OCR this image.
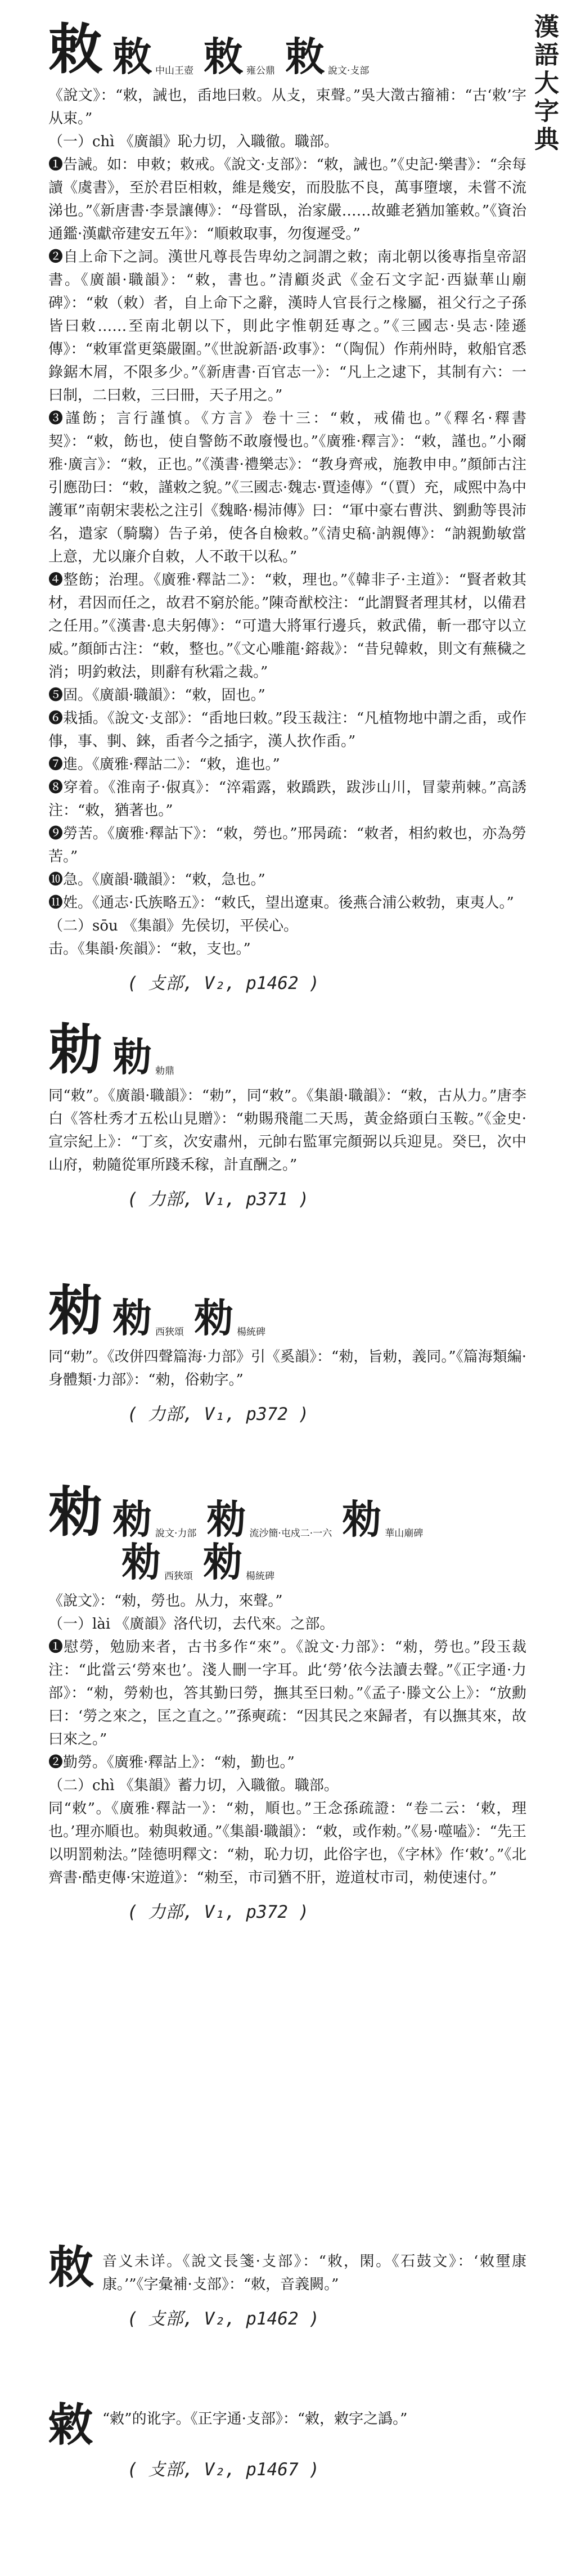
漢語大字典
敕 敕 中山王壺 敕 雍公鼎 敕 說文·攴部

《說文》：“敕，誡也，臿地曰敕。从攴，束聲。”吳大澂古籀補：“古‘敕’字从束。”

（一）chì 《廣韻》恥力切，入職徹。職部。

❶告誡。如：申敕；敕戒。《說文·攴部》：“敕，誡也。”《史記·樂書》：“余每讀《虞書》，至於君臣相敕，維是幾安，而股肱不良，萬事墮壞，未嘗不流涕也。”《新唐書·李景讓傳》：“母嘗臥，治家嚴……故雖老猶加箠敕。”《資治通鑑·漢獻帝建安五年》：“順敕取事，勿復遲受。”

❷自上命下之詞。漢世凡尊長告卑幼之詞謂之敕；南北朝以後專指皇帝詔書。《廣韻·職韻》：“敕，書也。”清顧炎武《金石文字記·西嶽華山廟碑》：“敕（敕）者，自上命下之辭，漢時人官長行之椽屬，祖父行之子孫皆曰敕……至南北朝以下，則此字惟朝廷專之。”《三國志·吳志·陸遜傳》：“敕軍當更築嚴圍。”《世說新語·政事》：“（陶侃）作荊州時，敕船官悉錄鋸木屑，不限多少。”《新唐書·百官志一》：“凡上之逮下，其制有六：一曰制，二曰敕，三曰冊，天子用之。”

❸謹飭；言行謹慎。《方言》卷十三：“敕，戒備也。”《釋名·釋書契》：“敕，飭也，使自警飭不敢廢慢也。”《廣雅·釋言》：“敕，謹也。”小爾雅·廣言》：“敕，正也。”《漢書·禮樂志》：“教身齊戒，施教申申。”顏師古注引應劭曰：“敕，謹敕之貌。”《三國志·魏志·賈逵傳》“（賈）充，咸熙中為中護軍”南朝宋裴松之注引《魏略·楊沛傳》曰：“軍中豪右曹洪、劉勳等畏沛名，遣家（騎騶）告子弟，使各自檢敕。”《清史稿·訥親傳》：“訥親勤敏當上意，尤以廉介自敕，人不敢干以私。”

❹整飭；治理。《廣雅·釋詁二》：“敕，理也。”《韓非子·主道》：“賢者敕其材，君因而任之，故君不窮於能。”陳奇猷校注：“此謂賢者理其材，以備君之任用。”《漢書·息夫躬傳》：“可遣大將軍行邊兵，敕武備，斬一郡守以立威。”顏師古注：“敕，整也。”《文心雕龍·鎔裁》：“昔兒韓敕，則文有蕪穢之消；明釣敕法，則辭有秋霜之裁。”

❺固。《廣韻·職韻》：“敕，固也。”

❻栽插。《說文·攴部》：“臿地曰敕。”段玉裁注：“凡植物地中謂之臿，或作倳，事、剚、錸，臿者今之插字，漢人扻作臿。”

❼進。《廣雅·釋詁二》：“敕，進也。”

❽穿着。《淮南子·俶真》：“淬霜露，敕蹻跌，跋涉山川，冒蒙荊棘。”高誘注：“敕，猶著也。”

❾勞苦。《廣雅·釋詁下》：“敕，勞也。”邢昺疏：“敕者，相約敕也，亦為勞苦。”

❿急。《廣韻·職韻》：“敕，急也。”

⓫姓。《通志·氏族略五》：“敕氏，望出遼東。後燕合浦公敕勃，東夷人。”

（二）sōu 《集韻》先侯切，平侯心。

击。《集韻·矦韻》：“敕，支也。”

( 攴部, V₂, p1462 )
勅 勅 勅鼎

同“敕”。《廣韻·職韻》：“勅”，同“敕”。《集韻·職韻》：“敕，古从力。”唐李白《答杜秀才五松山見贈》：“勅賜飛龍二天馬，黃金絡頭白玉鞍。”《金史·宣宗紀上》：“丁亥，次安肅州，元帥右監軍完顏弼以兵迎見。癸巳，次中山府，勅隨從軍所踐禾稼，計直酬之。”

( 力部, V₁, p371 )
勑 勑 西狹頌 勑 楊統碑

同“勅”。《改併四聲篇海·力部》引《奚韻》：“勑，旨勅，義同。”《篇海類編·身體類·力部》：“勑，俗勅字。”

( 力部, V₁, p372 )
勑 勑 說文·力部 勑 流沙簡·屯戍二·一六 勑 華山廟碑
勑 西狹頌 勑 楊統碑

《說文》：“勑，勞也。从力，來聲。”

（一）lài 《廣韻》洛代切，去代來。之部。

❶慰勞，勉励来者，古书多作“來”。《說文·力部》：“勑，勞也。”段玉裁注：“此當云‘勞來也’。淺人刪一字耳。此‘勞’依今法讀去聲。”《正字通·力部》：“勑，勞勑也，答其勤曰勞，撫其至曰勑。”《孟子·滕文公上》：“放勳曰：‘勞之來之，匡之直之。’”孫奭疏：“因其民之來歸者，有以撫其來，故曰來之。”

❷勤勞。《廣雅·釋詁上》：“勑，勤也。”

（二）chì 《集韻》蓄力切，入職徹。職部。

同“敕”。《廣雅·釋詁一》：“勑，順也。”王念孫疏證：“卷二云：‘敕，理也。’理亦順也。勑與敕通。”《集韻·職韻》：“敕，或作勑。”《易·噬嗑》：“先王以明罰勑法。”陸德明釋文：“勑，恥力切，此俗字也，《字林》作‘敕’。”《北齊書·酷吏傳·宋遊道》：“勑至，市司猶不肝，遊道杖市司，勑使速付。”

( 力部, V₁, p372 )
敇 音义未详。《說文長箋·攴部》：“敇，閑。《石鼓文》：‘敇壐康康。’”《字彙補·攴部》：“敇，音義闕。”

( 攴部, V₂, p1462 )
敹 “敹”的讹字。《正字通·攴部》：“敹，敹字之譌。”

( 攴部, V₂, p1467 )
